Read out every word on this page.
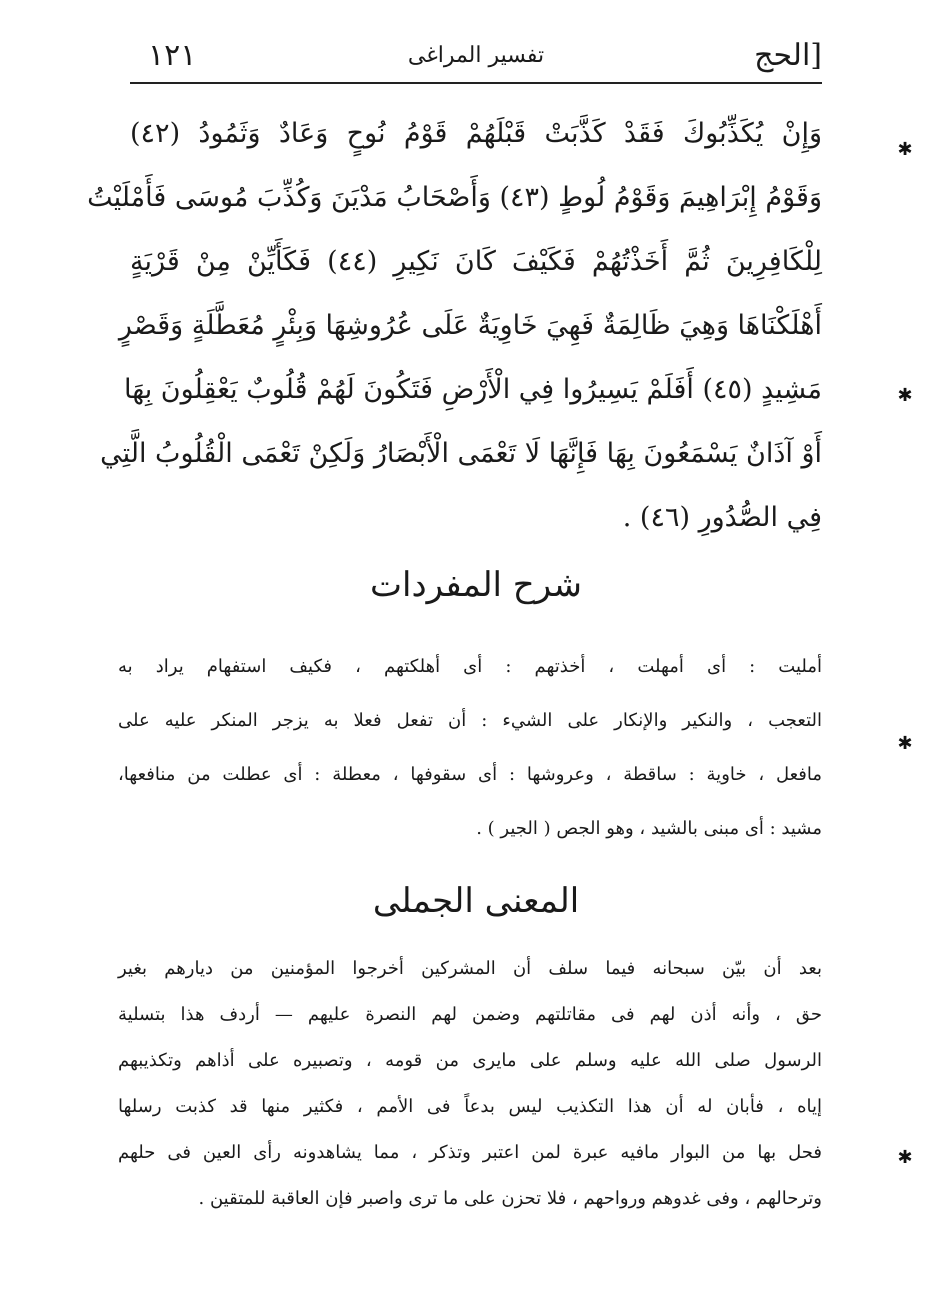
[الحج
تفسير المراغى
١٢١
وَإِنْ يُكَذِّبُوكَ فَقَدْ كَذَّبَتْ قَبْلَهُمْ قَوْمُ نُوحٍ وَعَادٌ وَثَمُودُ (٤٢)
وَقَوْمُ إِبْرَاهِيمَ وَقَوْمُ لُوطٍ (٤٣) وَأَصْحَابُ مَدْيَنَ وَكُذِّبَ مُوسَى فَأَمْلَيْتُ
لِلْكَافِرِينَ ثُمَّ أَخَذْتُهُمْ فَكَيْفَ كَانَ نَكِيرِ (٤٤) فَكَأَيِّنْ مِنْ قَرْيَةٍ
أَهْلَكْنَاهَا وَهِيَ ظَالِمَةٌ فَهِيَ خَاوِيَةٌ عَلَى عُرُوشِهَا وَبِئْرٍ مُعَطَّلَةٍ وَقَصْرٍ
مَشِيدٍ (٤٥) أَفَلَمْ يَسِيرُوا فِي الْأَرْضِ فَتَكُونَ لَهُمْ قُلُوبٌ يَعْقِلُونَ بِهَا
أَوْ آذَانٌ يَسْمَعُونَ بِهَا فَإِنَّهَا لَا تَعْمَى الْأَبْصَارُ وَلَكِنْ تَعْمَى الْقُلُوبُ الَّتِي
فِي الصُّدُورِ (٤٦) .
شرح المفردات
أمليت : أى أمهلت ، أخذتهم : أى أهلكتهم ، فكيف استفهام يراد به
التعجب ، والنكير والإنكار على الشيء : أن تفعل فعلا به يزجر المنكر عليه على
مافعل ، خاوية : ساقطة ، وعروشها : أى سقوفها ، معطلة : أى عطلت من منافعها،
مشيد : أى مبنى بالشيد ، وهو الجص ( الجير ) .
المعنى الجملى
بعد أن بيّن سبحانه فيما سلف أن المشركين أخرجوا المؤمنين من ديارهم بغير
حق ، وأنه أذن لهم فى مقاتلتهم وضمن لهم النصرة عليهم — أردف هذا بتسلية
الرسول صلى الله عليه وسلم على مايرى من قومه ، وتصبيره على أذاهم وتكذيبهم
إياه ، فأبان له أن هذا التكذيب ليس بدعاً فى الأمم ، فكثير منها قد كذبت رسلها
فحل بها من البوار مافيه عبرة لمن اعتبر وتذكر ، مما يشاهدونه رأى العين فى حلهم
وترحالهم ، وفى غدوهم ورواحهم ، فلا تحزن على ما ترى واصبر فإن العاقبة للمتقين .
✱
✱
✱
✱
